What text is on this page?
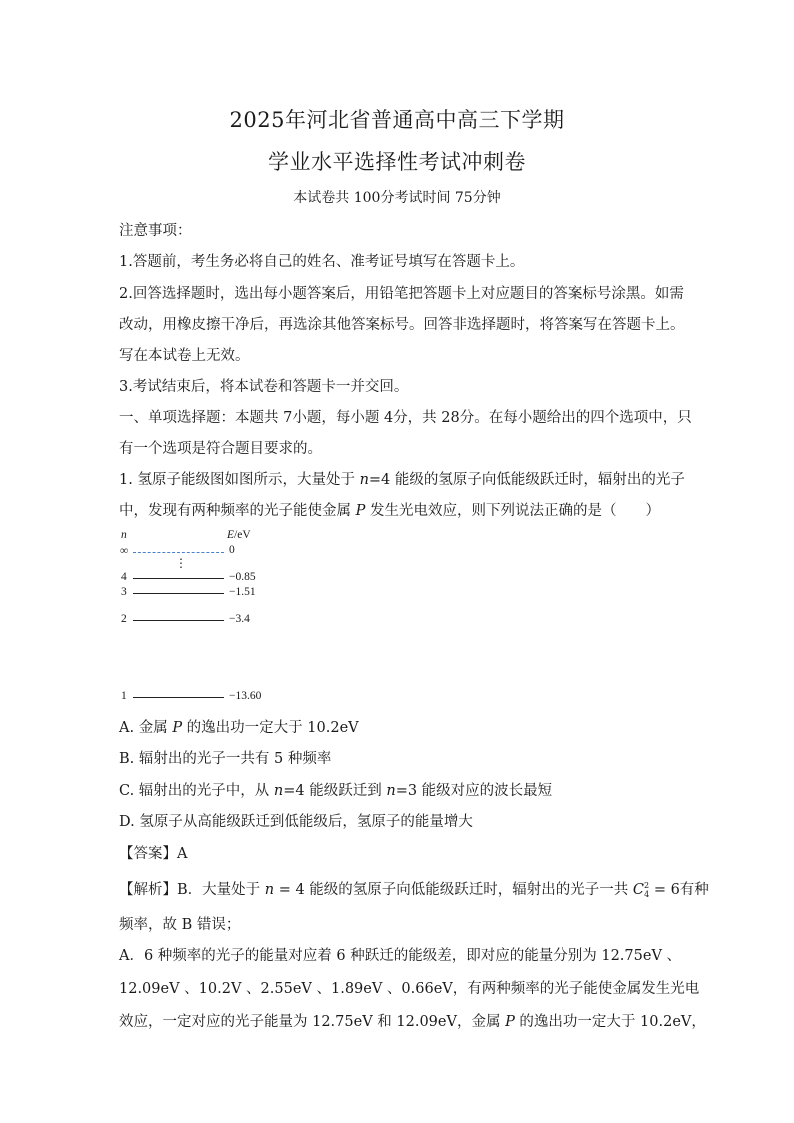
2025年河北省普通高中高三下学期
学业水平选择性考试冲刺卷
本试卷共 100分考试时间 75分钟
注意事项：
1.答题前，考生务必将自己的姓名、准考证号填写在答题卡上。
2.回答选择题时，选出每小题答案后，用铅笔把答题卡上对应题目的答案标号涂黑。如需
改动，用橡皮擦干净后，再选涂其他答案标号。回答非选择题时，将答案写在答题卡上。
写在本试卷上无效。
3.考试结束后，将本试卷和答题卡一并交回。
一、单项选择题：本题共 7小题，每小题 4分，共 28分。在每小题给出的四个选项中，只
有一个选项是符合题目要求的。
1. 氢原子能级图如图所示，大量处于 n=4 能级的氢原子向低能级跃迁时，辐射出的光子
中，发现有两种频率的光子能使金属 P 发生光电效应，则下列说法正确的是（　　）
n	E/eV
∞	0
⋮
4	−0.85
3	−1.51
2	−3.4
1	−13.60
A. 金属 P 的逸出功一定大于 10.2eV
B. 辐射出的光子一共有 5 种频率
C. 辐射出的光子中，从 n=4 能级跃迁到 n=3 能级对应的波长最短
D. 氢原子从高能级跃迁到低能级后，氢原子的能量增大
【答案】A
【解析】B．大量处于 n = 4 能级的氢原子向低能级跃迁时，辐射出的光子一共 $C^2_4 = 6$有种
频率，故 B 错误；
A．6 种频率的光子的能量对应着 6 种跃迁的能级差，即对应的能量分别为 12.75eV 、
12.09eV 、10.2V 、2.55eV 、1.89eV 、0.66eV，有两种频率的光子能使金属发生光电
效应，一定对应的光子能量为 12.75eV 和 12.09eV，金属 P 的逸出功一定大于 10.2eV，
